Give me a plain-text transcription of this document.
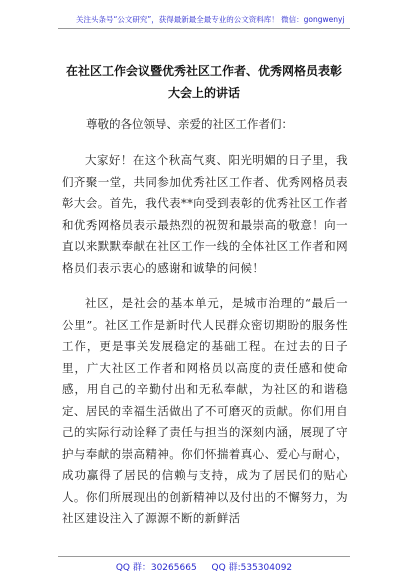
关注头条号“公文研究”，获得最新最全最专业的公文资料库！ 微信：gongwenyj
在社区工作会议暨优秀社区工作者、优秀网格员表彰大会上的讲话
尊敬的各位领导、亲爱的社区工作者们：

大家好！在这个秋高气爽、阳光明媚的日子里，我们齐聚一堂，共同参加优秀社区工作者、优秀网格员表彰大会。首先，我代表**向受到表彰的优秀社区工作者和优秀网格员表示最热烈的祝贺和最崇高的敬意！向一直以来默默奉献在社区工作一线的全体社区工作者和网格员们表示衷心的感谢和诚挚的问候！

社区，是社会的基本单元，是城市治理的“最后一公里”。社区工作是新时代人民群众密切期盼的服务性工作，更是事关发展稳定的基础工程。在过去的日子里，广大社区工作者和网格员以高度的责任感和使命感，用自己的辛勤付出和无私奉献，为社区的和谐稳定、居民的幸福生活做出了不可磨灭的贡献。你们用自己的实际行动诠释了责任与担当的深刻内涵，展现了守护与奉献的崇高精神。你们怀揣着真心、爱心与耐心，成功赢得了居民的信赖与支持，成为了居民们的贴心人。你们所展现出的创新精神以及付出的不懈努力，为社区建设注入了源源不断的新鲜活

QQ 群：30265665 QQ 群:535304092
